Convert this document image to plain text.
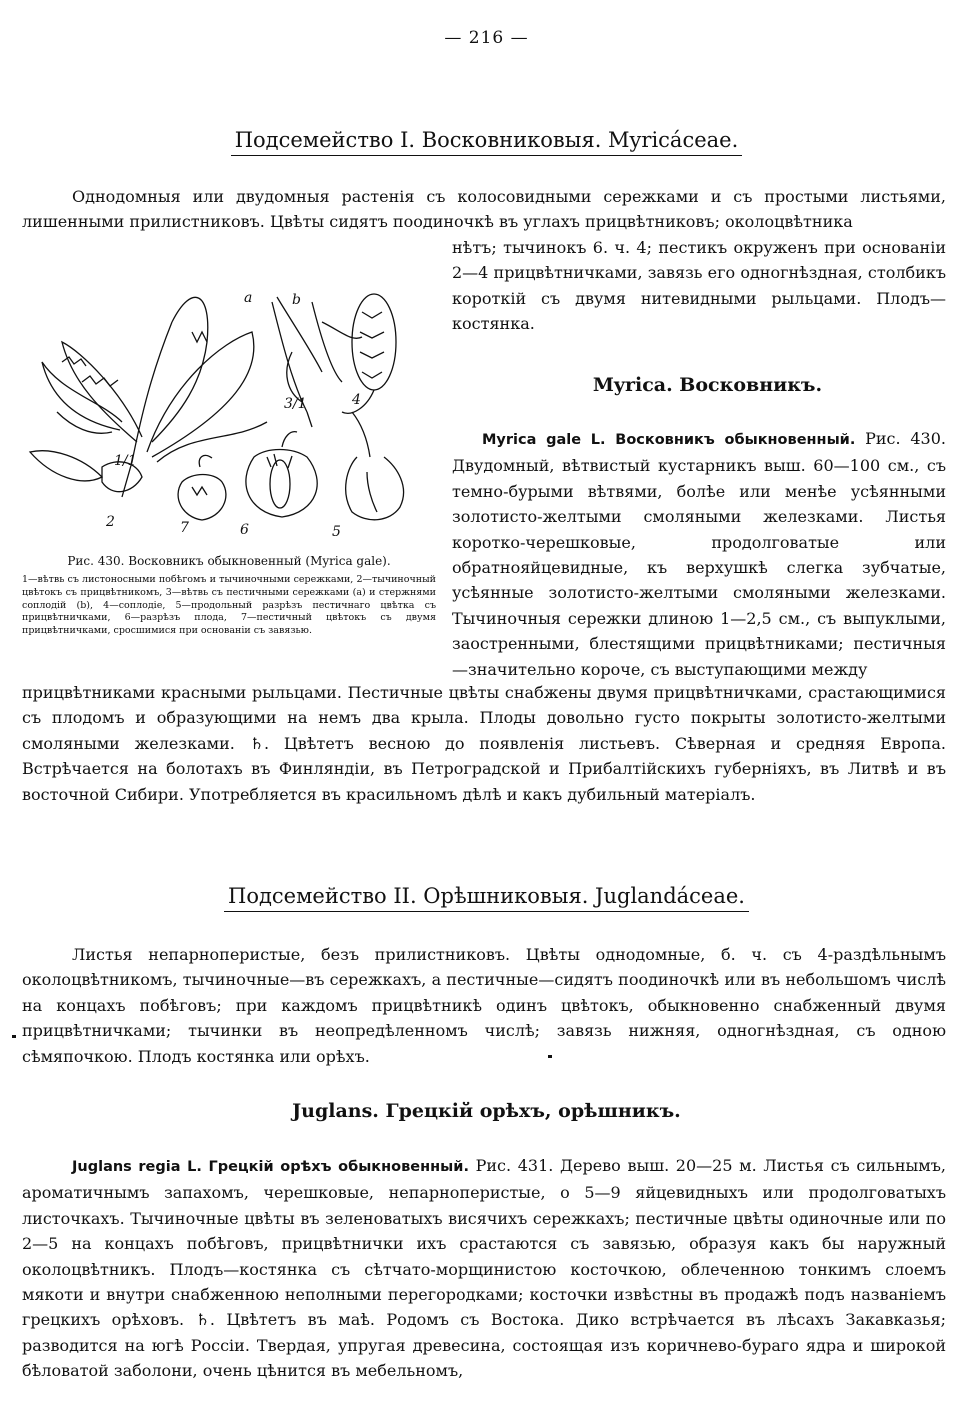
— 216 —
Подсемейство I. Восковниковыя. Myricáceae.

Однодомныя или двудомныя растенія съ колосовидными сережками и съ простыми листьями, лишенными прилистниковъ. Цвѣты сидятъ поодиночкѣ въ углахъ прицвѣтниковъ; околоцвѣтника

нѣтъ; тычинокъ 6. ч. 4; пестикъ окруженъ при основаніи 2—4 прицвѣтничками, завязь его одногнѣздная, столбикъ короткій съ двумя нитевидными рыльцами. Плодъ—костянка.

1/1
2
3/1	4
5
6
7
a	b
Рис. 430. Восковникъ обыкновенный (Myrica gale).

1—вѣтвь съ листоносными побѣгомъ и тычиночными сережками, 2—тычиночный цвѣтокъ съ прицвѣтникомъ, 3—вѣтвь съ пестичными сережками (a) и стержнями соплодій (b), 4—соплодіе, 5—продольный разрѣзъ пестичнаго цвѣтка съ прицвѣтничками, 6—разрѣзъ плода, 7—пестичный цвѣтокъ съ двумя прицвѣтничками, сросшимися при основаніи съ завязью.

Myrica. Восковникъ.

Myrica gale L. Восковникъ обыкновенный. Рис. 430. Двудомный, вѣтвистый кустарникъ выш. 60—100 см., съ темно-бурыми вѣтвями, болѣе или менѣе усѣянными золотисто-желтыми смоляными железками. Листья коротко-черешковые, продолговатые или обратнояйцевидные, къ верхушкѣ слегка зубчатые, усѣянные золотисто-желтыми смоляными железками. Тычиночныя сережки длиною 1—2,5 см., съ выпуклыми, заостренными, блестящими прицвѣтниками; пестичныя—значительно короче, съ выступающими между

прицвѣтниками красными рыльцами. Пестичные цвѣты снабжены двумя прицвѣтничками, срастающимися съ плодомъ и образующими на немъ два крыла. Плоды довольно густо покрыты золотисто-желтыми смоляными железками. ♄. Цвѣтетъ весною до появленія листьевъ. Сѣверная и средняя Европа. Встрѣчается на болотахъ въ Финляндіи, въ Петроградской и Прибалтійскихъ губерніяхъ, въ Литвѣ и въ восточной Сибири. Употребляется въ красильномъ дѣлѣ и какъ дубильный матеріалъ.

Подсемейство II. Орѣшниковыя. Juglandáceae.

Листья непарноперистые, безъ прилистниковъ. Цвѣты однодомные, б. ч. съ 4-раздѣльнымъ околоцвѣтникомъ, тычиночные—въ сережкахъ, а пестичные—сидятъ поодиночкѣ или въ небольшомъ числѣ на концахъ побѣговъ; при каждомъ прицвѣтникѣ одинъ цвѣтокъ, обыкновенно снабженный двумя прицвѣтничками; тычинки въ неопредѣленномъ числѣ; завязь нижняя, одногнѣздная, съ одною сѣмяпочкою. Плодъ костянка или орѣхъ.

Juglans. Грецкій орѣхъ, орѣшникъ.

Juglans regia L. Грецкій орѣхъ обыкновенный. Рис. 431. Дерево выш. 20—25 м. Листья съ сильнымъ, ароматичнымъ запахомъ, черешковые, непарноперистые, о 5—9 яйцевидныхъ или продолговатыхъ листочкахъ. Тычиночные цвѣты въ зеленоватыхъ висячихъ сережкахъ; пестичные цвѣты одиночные или по 2—5 на концахъ побѣговъ, прицвѣтнички ихъ срастаются съ завязью, образуя какъ бы наружный околоцвѣтникъ. Плодъ—костянка съ сѣтчато-морщинистою косточкою, облеченною тонкимъ слоемъ мякоти и внутри снабженною неполными перегородками; косточки извѣстны въ продажѣ подъ названіемъ грецкихъ орѣховъ. ♄. Цвѣтетъ въ маѣ. Родомъ съ Востока. Дико встрѣчается въ лѣсахъ Закавказья; разводится на югѣ Россіи. Твердая, упругая древесина, состоящая изъ коричнево-бураго ядра и широкой бѣловатой заболони, очень цѣнится въ мебельномъ,
